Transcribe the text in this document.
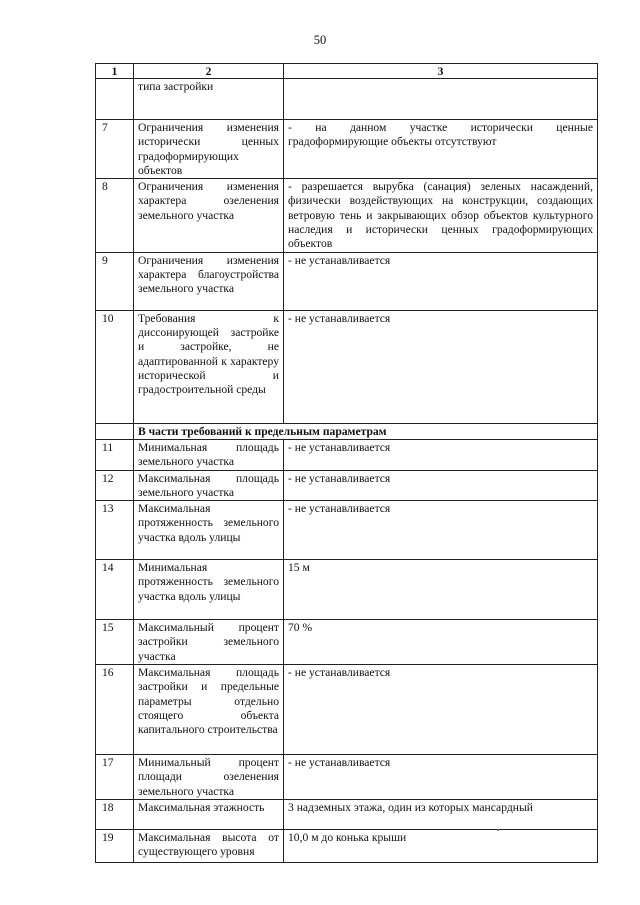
50
1	2	3
	типа застройки	
7	Ограничения изменения исторически ценных градоформирующих объектов	- на данном участке исторически ценные градоформирующие объекты отсутствуют
8	Ограничения изменения характера озеленения земельного участка	- разрешается вырубка (санация) зеленых насаждений, физически воздействующих на конструкции, создающих ветровую тень и закрывающих обзор объектов культурного наследия и исторически ценных градоформирующих объектов
9	Ограничения изменения характера благоустройства земельного участка	- не устанавливается
10	Требования к диссонирующей застройке и застройке, не адаптированной к характеру исторической и градостроительной среды	- не устанавливается
	В части требований к предельным параметрам	
11	Минимальная площадь земельного участка	- не устанавливается
12	Максимальная площадь земельного участка	- не устанавливается
13	Максимальная протяженность земельного участка вдоль улицы	- не устанавливается
14	Минимальная протяженность земельного участка вдоль улицы	15 м
15	Максимальный процент застройки земельного участка	70 %
16	Максимальная площадь застройки и предельные параметры отдельно стоящего объекта капитального строительства	- не устанавливается
17	Минимальный процент площади озеленения земельного участка	- не устанавливается
18	Максимальная этажность	3 надземных этажа, один из которых мансардный
19	Максимальная высота от существующего уровня	10,0 м до конька крыши
